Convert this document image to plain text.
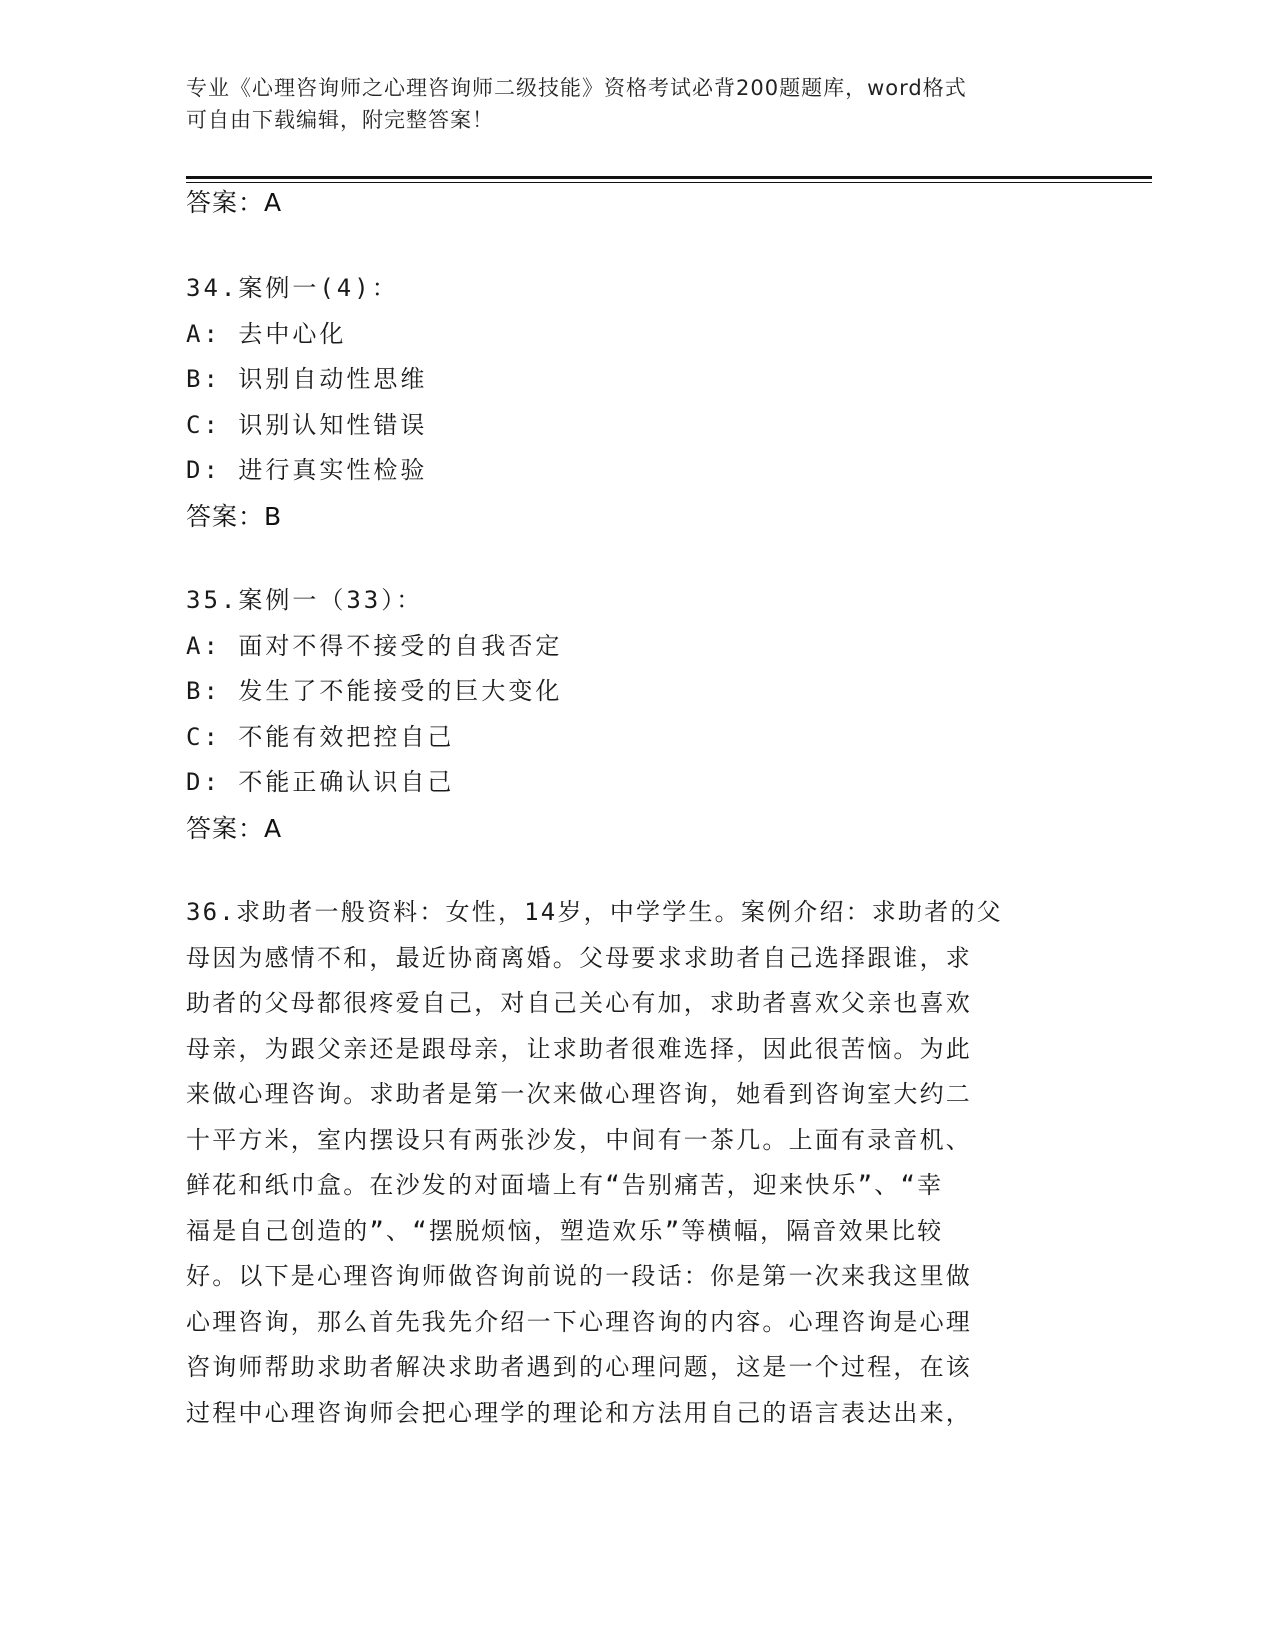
专业《心理咨询师之心理咨询师二级技能》资格考试必背200题题库，word格式
可自由下载编辑，附完整答案！
答案：A
34.案例一(4)：
A: 去中心化
B: 识别自动性思维
C: 识别认知性错误
D: 进行真实性检验
答案：B
35.案例一（33）：
A: 面对不得不接受的自我否定
B: 发生了不能接受的巨大变化
C: 不能有效把控自己
D: 不能正确认识自己
答案：A
36.求助者一般资料：女性，14岁，中学学生。案例介绍：求助者的父
母因为感情不和，最近协商离婚。父母要求求助者自己选择跟谁，求
助者的父母都很疼爱自己，对自己关心有加，求助者喜欢父亲也喜欢
母亲，为跟父亲还是跟母亲，让求助者很难选择，因此很苦恼。为此
来做心理咨询。求助者是第一次来做心理咨询，她看到咨询室大约二
十平方米，室内摆设只有两张沙发，中间有一茶几。上面有录音机、
鲜花和纸巾盒。在沙发的对面墙上有“告别痛苦，迎来快乐”、“幸
福是自己创造的”、“摆脱烦恼，塑造欢乐”等横幅，隔音效果比较
好。以下是心理咨询师做咨询前说的一段话：你是第一次来我这里做
心理咨询，那么首先我先介绍一下心理咨询的内容。心理咨询是心理
咨询师帮助求助者解决求助者遇到的心理问题，这是一个过程，在该
过程中心理咨询师会把心理学的理论和方法用自己的语言表达出来，
